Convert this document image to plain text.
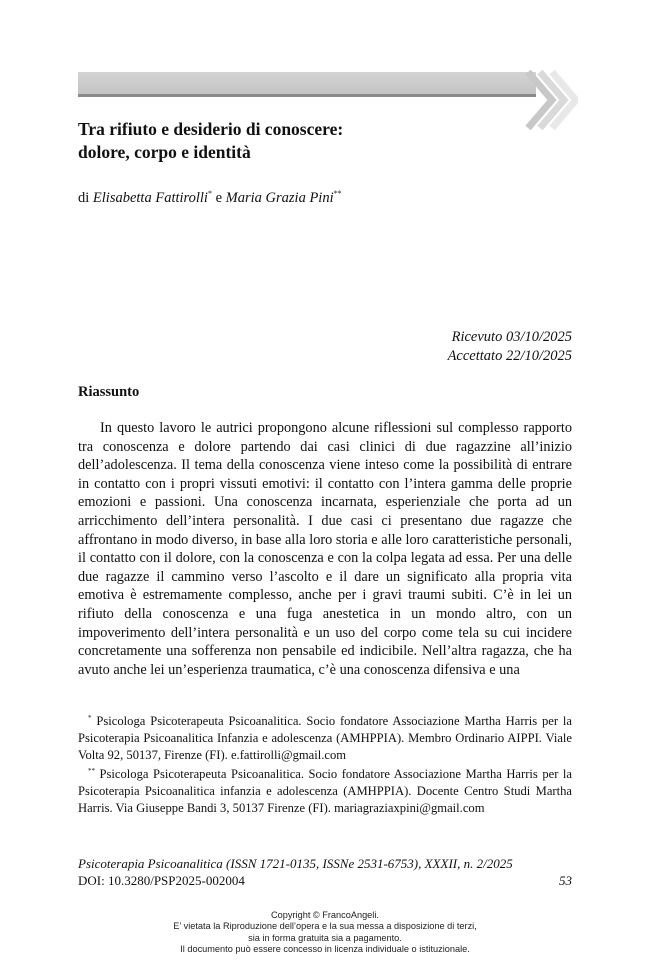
Tra rifiuto e desiderio di conoscere:
dolore, corpo e identità
di Elisabetta Fattirolli* e Maria Grazia Pini**
Ricevuto 03/10/2025
Accettato 22/10/2025
Riassunto

In questo lavoro le autrici propongono alcune riflessioni sul complesso rapporto tra conoscenza e dolore partendo dai casi clinici di due ragazzine all’inizio dell’adolescenza. Il tema della conoscenza viene inteso come la possibilità di entrare in contatto con i propri vissuti emotivi: il contatto con l’intera gamma delle proprie emozioni e passioni. Una conoscenza incarnata, esperienziale che porta ad un arricchimento dell’intera personalità. I due casi ci presentano due ragazze che affrontano in modo diverso, in base alla loro storia e alle loro caratteristiche personali, il contatto con il dolore, con la conoscenza e con la colpa legata ad essa. Per una delle due ragazze il cammino verso l’ascolto e il dare un significato alla propria vita emotiva è estremamente complesso, anche per i gravi traumi subiti. C’è in lei un rifiuto della conoscenza e una fuga anestetica in un mondo altro, con un impoverimento dell’intera personalità e un uso del corpo come tela su cui incidere concretamente una sofferenza non pensabile ed indicibile. Nell’altra ragazza, che ha avuto anche lei un’esperienza traumatica, c’è una conoscenza difensiva e una

* Psicologa Psicoterapeuta Psicoanalitica. Socio fondatore Associazione Martha Harris per la Psicoterapia Psicoanalitica Infanzia e adolescenza (AMHPPIA). Membro Ordinario AIPPI. Viale Volta 92, 50137, Firenze (FI). e.fattirolli@gmail.com

** Psicologa Psicoterapeuta Psicoanalitica. Socio fondatore Associazione Martha Harris per la Psicoterapia Psicoanalitica infanzia e adolescenza (AMHPPIA). Docente Centro Studi Martha Harris. Via Giuseppe Bandi 3, 50137 Firenze (FI). mariagraziaxpini@gmail.com

Psicoterapia Psicoanalitica (ISSN 1721-0135, ISSNe 2531-6753), XXXII, n. 2/2025
DOI: 10.3280/PSP2025-002004	53
Copyright © FrancoAngeli.
E’ vietata la Riproduzione dell’opera e la sua messa a disposizione di terzi,
sia in forma gratuita sia a pagamento.
Il documento può essere concesso in licenza individuale o istituzionale.
